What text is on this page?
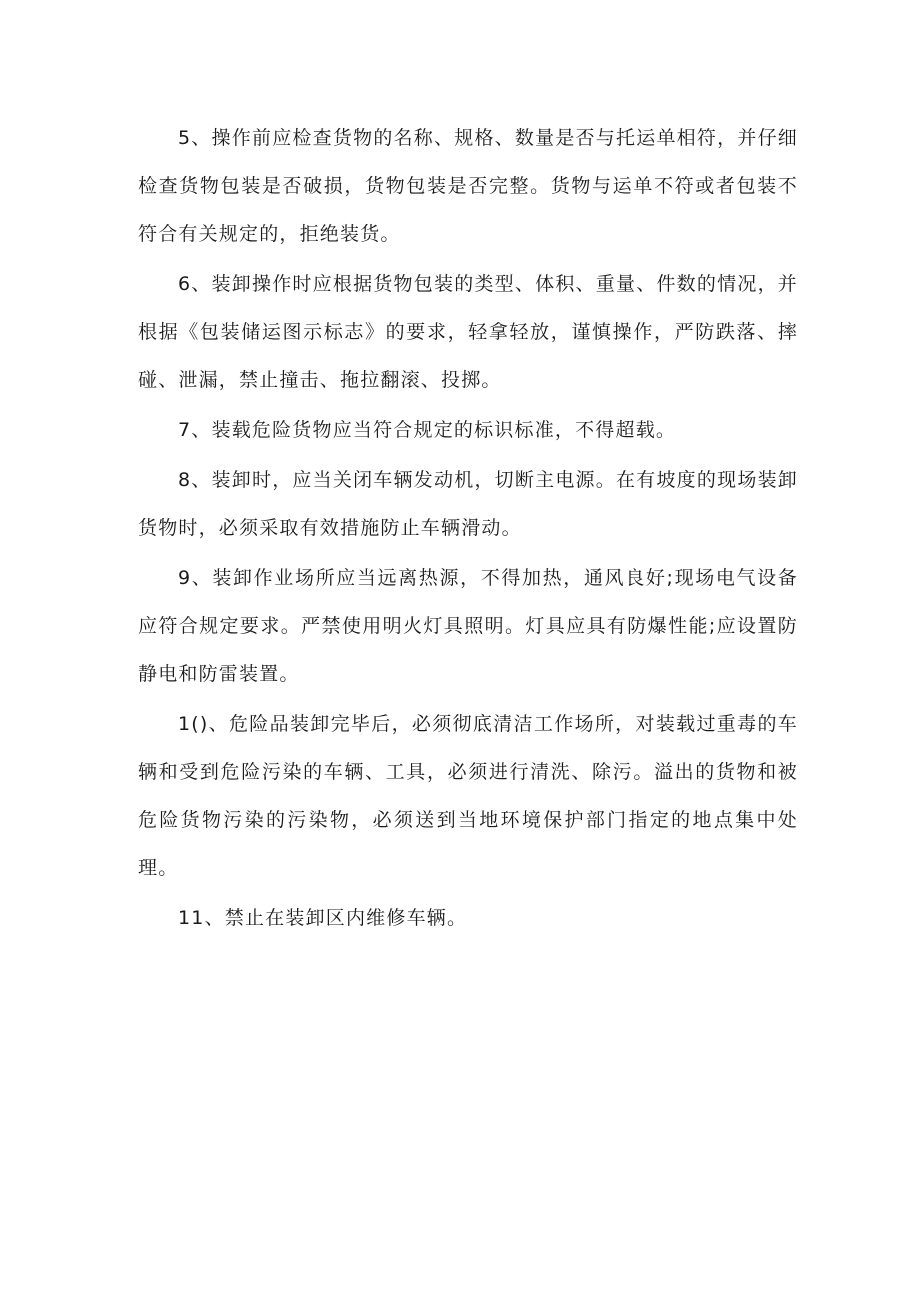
5、操作前应检查货物的名称、规格、数量是否与托运单相符，并仔细检查货物包装是否破损，货物包装是否完整。货物与运单不符或者包装不符合有关规定的，拒绝装货。

6、装卸操作时应根据货物包装的类型、体积、重量、件数的情况，并根据《包装储运图示标志》的要求，轻拿轻放，谨慎操作，严防跌落、摔碰、泄漏，禁止撞击、拖拉翻滚、投掷。

7、装载危险货物应当符合规定的标识标准，不得超载。

8、装卸时，应当关闭车辆发动机，切断主电源。在有坡度的现场装卸货物时，必须采取有效措施防止车辆滑动。

9、装卸作业场所应当远离热源，不得加热，通风良好;现场电气设备应符合规定要求。严禁使用明火灯具照明。灯具应具有防爆性能;应设置防静电和防雷装置。

1()、危险品装卸完毕后，必须彻底清洁工作场所，对装载过重毒的车辆和受到危险污染的车辆、工具，必须进行清洗、除污。溢出的货物和被危险货物污染的污染物，必须送到当地环境保护部门指定的地点集中处理。

11、禁止在装卸区内维修车辆。
